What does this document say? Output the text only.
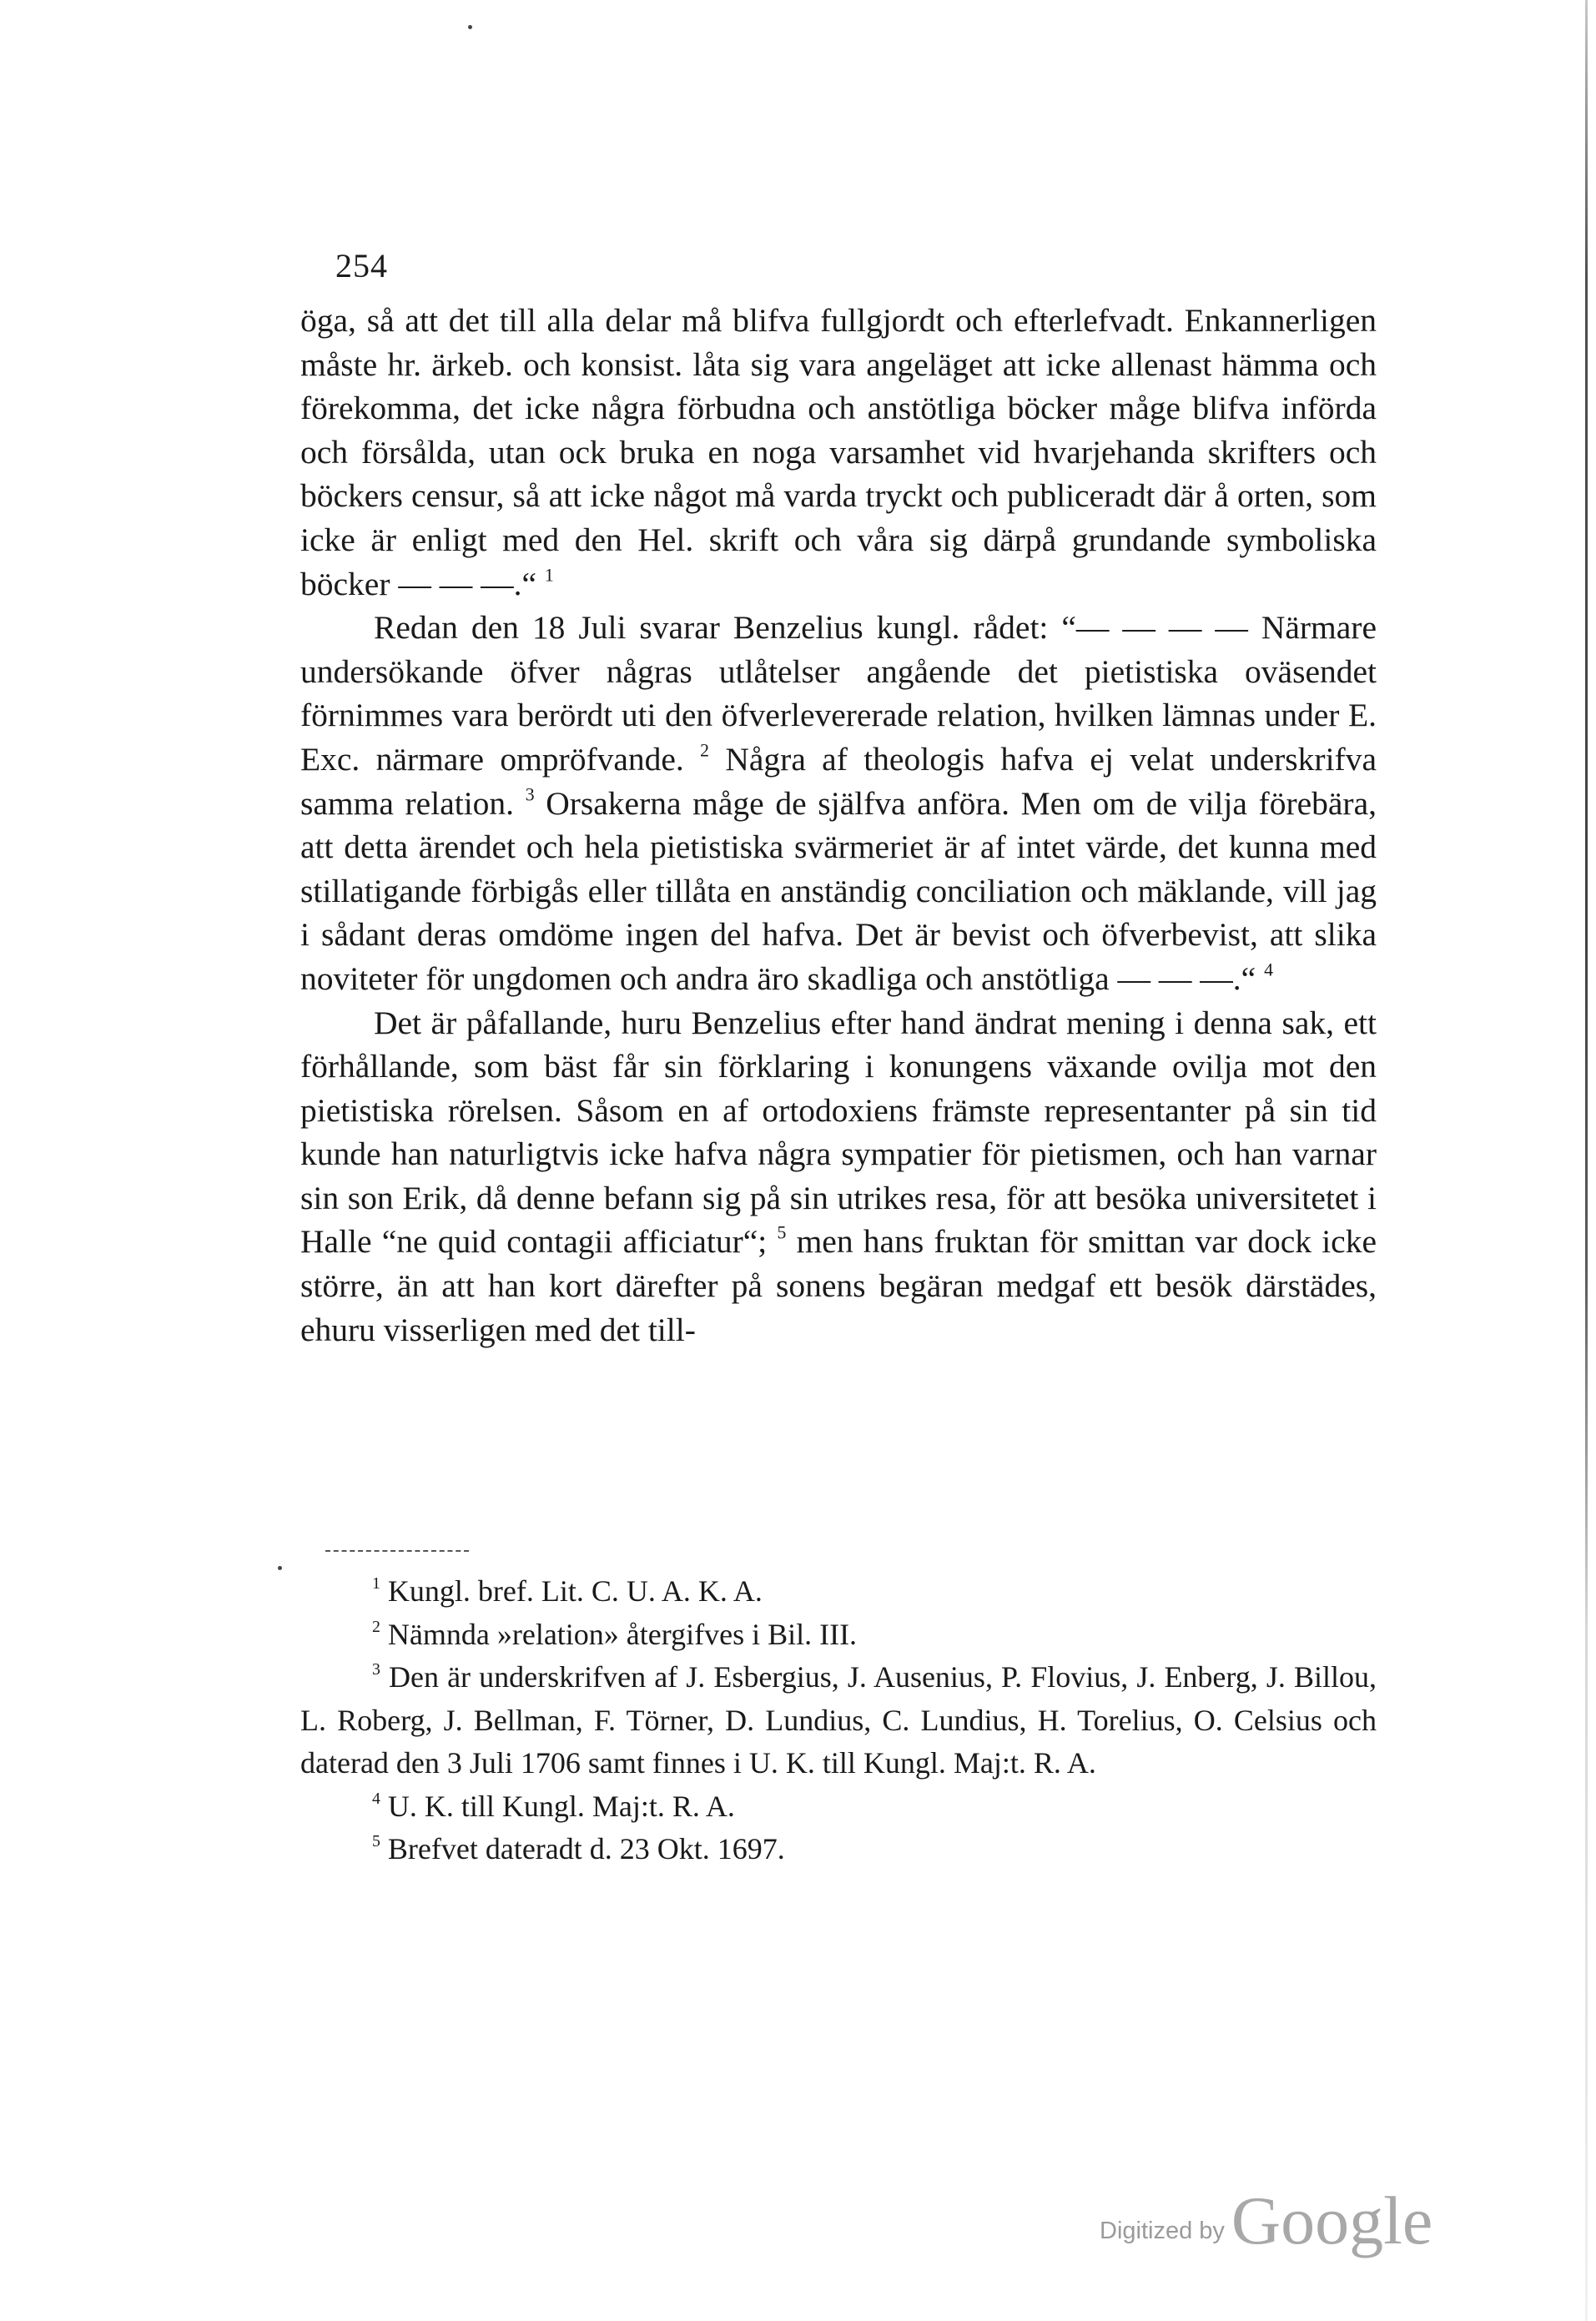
254

öga, så att det till alla delar må blifva fullgjordt och efterlefvadt. Enkannerligen måste hr. ärkeb. och konsist. låta sig vara angeläget att icke allenast hämma och förekomma, det icke några förbudna och anstötliga böcker måge blifva införda och försålda, utan ock bruka en noga varsamhet vid hvarjehanda skrifters och böckers censur, så att icke något må varda tryckt och publiceradt där å orten, som icke är enligt med den Hel. skrift och våra sig därpå grundande symboliska böcker — — —.“ $^1$

Redan den 18 Juli svarar Benzelius kungl. rådet: “— — — — Närmare undersökande öfver någras utlåtelser angående det pietistiska oväsendet förnimmes vara berördt uti den öfverlevererade relation, hvilken lämnas under E. Exc. närmare ompröfvande. $^2$ Några af theologis hafva ej velat underskrifva samma relation. $^3$ Orsakerna måge de själfva anföra. Men om de vilja förebära, att detta ärendet och hela pietistiska svärmeriet är af intet värde, det kunna med stillatigande förbigås eller tillåta en anständig conciliation och mäklande, vill jag i sådant deras omdöme ingen del hafva. Det är bevist och öfverbevist, att slika noviteter för ungdomen och andra äro skadliga och anstötliga — — —.“ $^4$

Det är påfallande, huru Benzelius efter hand ändrat mening i denna sak, ett förhållande, som bäst får sin förklaring i konungens växande ovilja mot den pietistiska rörelsen. Såsom en af ortodoxiens främste representanter på sin tid kunde han naturligtvis icke hafva några sympatier för pietismen, och han varnar sin son Erik, då denne befann sig på sin utrikes resa, för att besöka universitetet i Halle “ne quid contagii afficiatur“; $^5$ men hans fruktan för smittan var dock icke större, än att han kort därefter på sonens begäran medgaf ett besök därstädes, ehuru visserligen med det till-

$^1$ Kungl. bref. Lit. C. U. A. K. A.

$^2$ Nämnda »relation» återgifves i Bil. III.

$^3$ Den är underskrifven af J. Esbergius, J. Ausenius, P. Flovius, J. Enberg, J. Billou, L. Roberg, J. Bellman, F. Törner, D. Lundius, C. Lundius, H. Torelius, O. Celsius och daterad den 3 Juli 1706 samt finnes i U. K. till Kungl. Maj:t. R. A.

$^4$ U. K. till Kungl. Maj:t. R. A.

$^5$ Brefvet dateradt d. 23 Okt. 1697.

Digitized by Google
